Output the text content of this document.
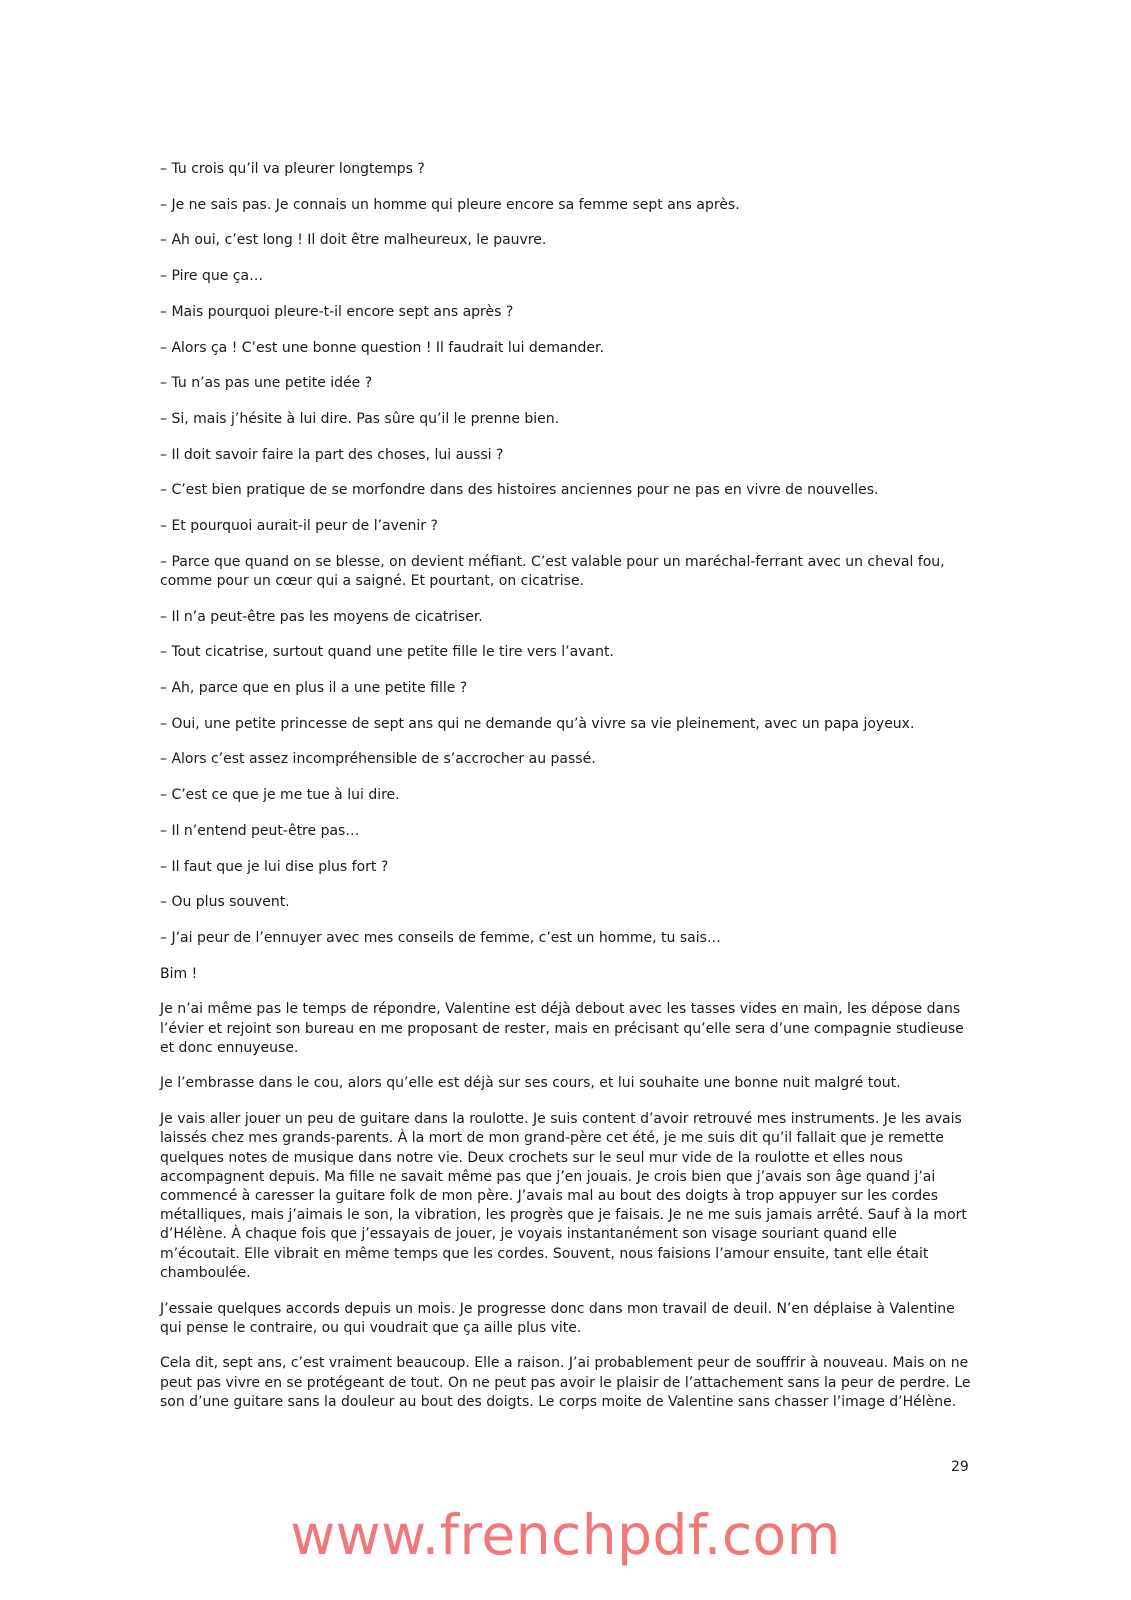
– Tu crois qu’il va pleurer longtemps ?

– Je ne sais pas. Je connais un homme qui pleure encore sa femme sept ans après.

– Ah oui, c’est long ! Il doit être malheureux, le pauvre.

– Pire que ça…

– Mais pourquoi pleure-t-il encore sept ans après ?

– Alors ça ! C’est une bonne question ! Il faudrait lui demander.

– Tu n’as pas une petite idée ?

– Si, mais j’hésite à lui dire. Pas sûre qu’il le prenne bien.

– Il doit savoir faire la part des choses, lui aussi ?

– C’est bien pratique de se morfondre dans des histoires anciennes pour ne pas en vivre de nouvelles.

– Et pourquoi aurait-il peur de l’avenir ?

– Parce que quand on se blesse, on devient méfiant. C’est valable pour un maréchal-ferrant avec un cheval fou, comme pour un cœur qui a saigné. Et pourtant, on cicatrise.

– Il n’a peut-être pas les moyens de cicatriser.

– Tout cicatrise, surtout quand une petite fille le tire vers l’avant.

– Ah, parce que en plus il a une petite fille ?

– Oui, une petite princesse de sept ans qui ne demande qu’à vivre sa vie pleinement, avec un papa joyeux.

– Alors c’est assez incompréhensible de s’accrocher au passé.

– C’est ce que je me tue à lui dire.

– Il n’entend peut-être pas…

– Il faut que je lui dise plus fort ?

– Ou plus souvent.

– J’ai peur de l’ennuyer avec mes conseils de femme, c’est un homme, tu sais…

Bim !

Je n’ai même pas le temps de répondre, Valentine est déjà debout avec les tasses vides en main, les dépose dans l’évier et rejoint son bureau en me proposant de rester, mais en précisant qu’elle sera d’une compagnie studieuse et donc ennuyeuse.

Je l’embrasse dans le cou, alors qu’elle est déjà sur ses cours, et lui souhaite une bonne nuit malgré tout.

Je vais aller jouer un peu de guitare dans la roulotte. Je suis content d’avoir retrouvé mes instruments. Je les avais laissés chez mes grands-parents. À la mort de mon grand-père cet été, je me suis dit qu’il fallait que je remette quelques notes de musique dans notre vie. Deux crochets sur le seul mur vide de la roulotte et elles nous accompagnent depuis. Ma fille ne savait même pas que j’en jouais. Je crois bien que j’avais son âge quand j’ai commencé à caresser la guitare folk de mon père. J’avais mal au bout des doigts à trop appuyer sur les cordes métalliques, mais j’aimais le son, la vibration, les progrès que je faisais. Je ne me suis jamais arrêté. Sauf à la mort d’Hélène. À chaque fois que j’essayais de jouer, je voyais instantanément son visage souriant quand elle m’écoutait. Elle vibrait en même temps que les cordes. Souvent, nous faisions l’amour ensuite, tant elle était chamboulée.

J’essaie quelques accords depuis un mois. Je progresse donc dans mon travail de deuil. N’en déplaise à Valentine qui pense le contraire, ou qui voudrait que ça aille plus vite.

Cela dit, sept ans, c’est vraiment beaucoup. Elle a raison. J’ai probablement peur de souffrir à nouveau. Mais on ne peut pas vivre en se protégeant de tout. On ne peut pas avoir le plaisir de l’attachement sans la peur de perdre. Le son d’une guitare sans la douleur au bout des doigts. Le corps moite de Valentine sans chasser l’image d’Hélène.

29
www.frenchpdf.com
